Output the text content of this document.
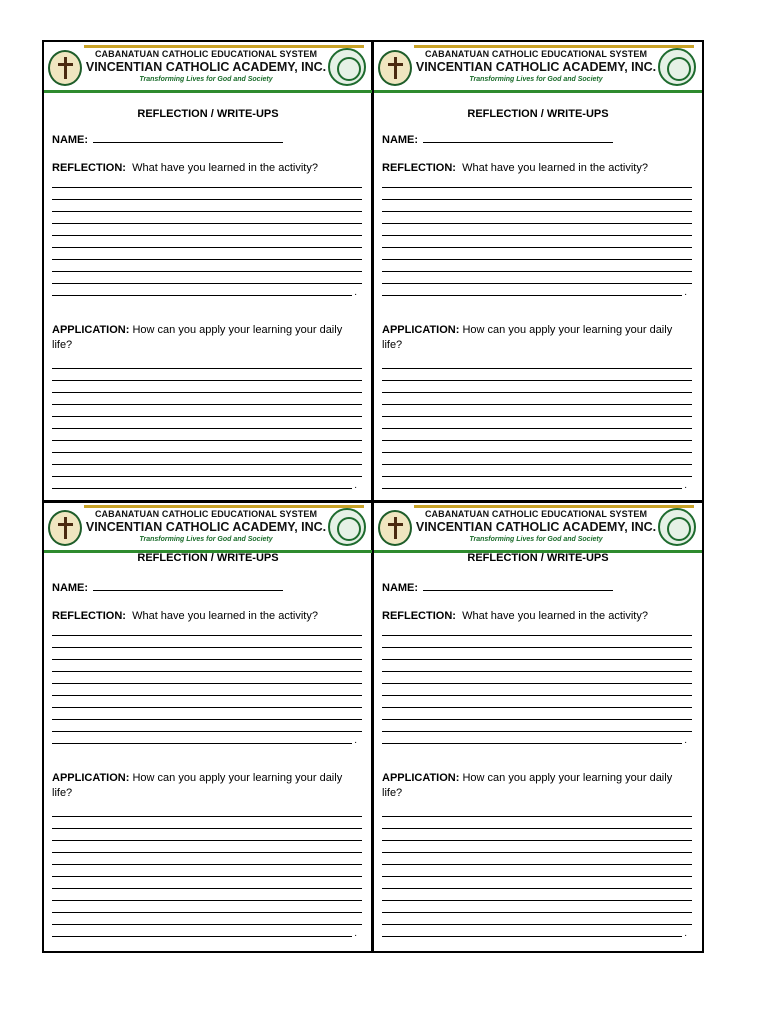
CABANATUAN CATHOLIC EDUCATIONAL SYSTEM
VINCENTIAN CATHOLIC ACADEMY, INC.
Transforming Lives for God and Society
REFLECTION / WRITE-UPS
NAME:
REFLECTION: What have you learned in the activity?
.
APPLICATION: How can you apply your learning your daily life?
.
CABANATUAN CATHOLIC EDUCATIONAL SYSTEM
VINCENTIAN CATHOLIC ACADEMY, INC.
Transforming Lives for God and Society
REFLECTION / WRITE-UPS
NAME:
REFLECTION: What have you learned in the activity?
.
APPLICATION: How can you apply your learning your daily life?
.
CABANATUAN CATHOLIC EDUCATIONAL SYSTEM
VINCENTIAN CATHOLIC ACADEMY, INC.
Transforming Lives for God and Society
REFLECTION / WRITE-UPS
NAME:
REFLECTION: What have you learned in the activity?
.
APPLICATION: How can you apply your learning your daily life?
.
CABANATUAN CATHOLIC EDUCATIONAL SYSTEM
VINCENTIAN CATHOLIC ACADEMY, INC.
Transforming Lives for God and Society
REFLECTION / WRITE-UPS
NAME:
REFLECTION: What have you learned in the activity?
.
APPLICATION: How can you apply your learning your daily life?
.
